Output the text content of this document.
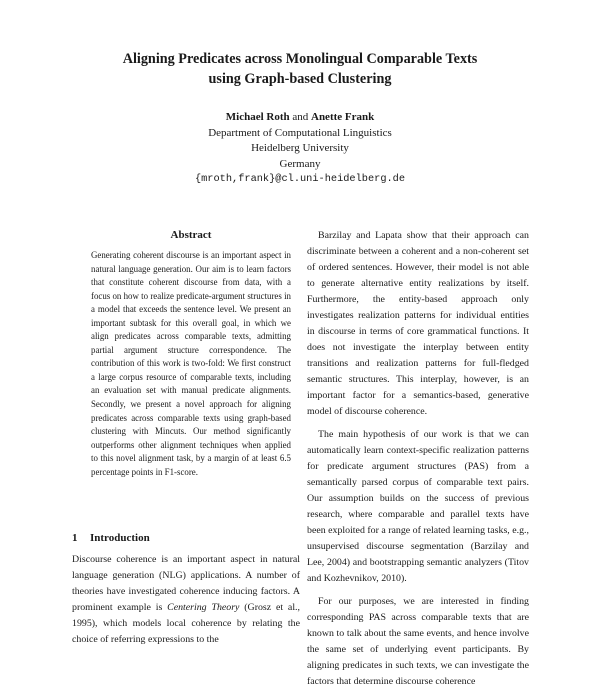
Aligning Predicates across Monolingual Comparable Texts
using Graph-based Clustering
Michael Roth and Anette Frank
Department of Computational Linguistics
Heidelberg University
Germany
{mroth,frank}@cl.uni-heidelberg.de
Abstract

Generating coherent discourse is an important aspect in natural language generation. Our aim is to learn factors that constitute coherent discourse from data, with a focus on how to realize predicate-argument structures in a model that exceeds the sentence level. We present an important subtask for this overall goal, in which we align predicates across comparable texts, admitting partial argument structure correspondence. The contribution of this work is two-fold: We first construct a large corpus resource of comparable texts, including an evaluation set with manual predicate alignments. Secondly, we present a novel approach for aligning predicates across comparable texts using graph-based clustering with Mincuts. Our method significantly outperforms other alignment techniques when applied to this novel alignment task, by a margin of at least 6.5 percentage points in F1-score.

1 Introduction

Discourse coherence is an important aspect in natural language generation (NLG) applications. A number of theories have investigated coherence inducing factors. A prominent example is Centering Theory (Grosz et al., 1995), which models local coherence by relating the choice of referring expressions to the

Barzilay and Lapata show that their approach can discriminate between a coherent and a non-coherent set of ordered sentences. However, their model is not able to generate alternative entity realizations by itself. Furthermore, the entity-based approach only investigates realization patterns for individual entities in discourse in terms of core grammatical functions. It does not investigate the interplay between entity transitions and realization patterns for full-fledged semantic structures. This interplay, however, is an important factor for a semantics-based, generative model of discourse coherence.

The main hypothesis of our work is that we can automatically learn context-specific realization patterns for predicate argument structures (PAS) from a semantically parsed corpus of comparable text pairs. Our assumption builds on the success of previous research, where comparable and parallel texts have been exploited for a range of related learning tasks, e.g., unsupervised discourse segmentation (Barzilay and Lee, 2004) and bootstrapping semantic analyzers (Titov and Kozhevnikov, 2010).

For our purposes, we are interested in finding corresponding PAS across comparable texts that are known to talk about the same events, and hence involve the same set of underlying event participants. By aligning predicates in such texts, we can investigate the factors that determine discourse coherence
